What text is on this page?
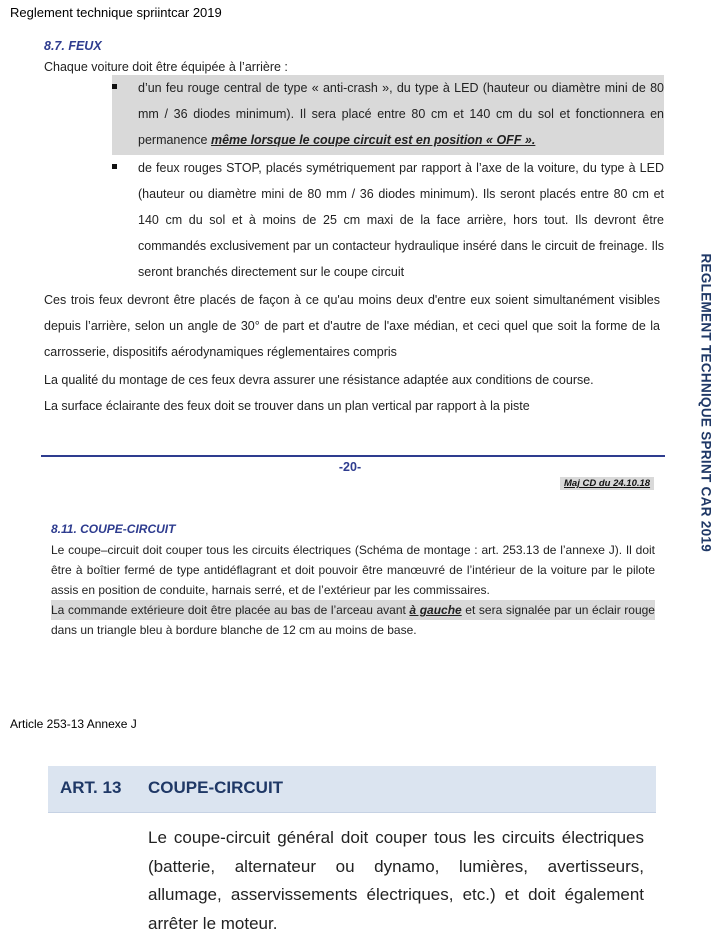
Reglement technique spriintcar 2019
REGLEMENT TECHNIQUE SPRINT CAR 2019
8.7. FEUX
Chaque voiture doit être équipée à l’arrière :
d’un feu rouge central de type « anti-crash », du type à LED (hauteur ou diamètre mini de 80 mm / 36 diodes minimum). Il sera placé entre 80 cm et 140 cm du sol et fonctionnera en permanence même lorsque le coupe circuit est en position « OFF ».
de feux rouges STOP, placés symétriquement par rapport à l’axe de la voiture, du type à LED (hauteur ou diamètre mini de 80 mm / 36 diodes minimum). Ils seront placés entre 80 cm et 140 cm du sol et à moins de 25 cm maxi de la face arrière, hors tout. Ils devront être commandés exclusivement par un contacteur hydraulique inséré dans le circuit de freinage. Ils seront branchés directement sur le coupe circuit
Ces trois feux devront être placés de façon à ce qu'au moins deux d'entre eux soient simultanément visibles depuis l’arrière, selon un angle de 30° de part et d'autre de l'axe médian, et ceci quel que soit la forme de la carrosserie, dispositifs aérodynamiques réglementaires compris
La qualité du montage de ces feux devra assurer une résistance adaptée aux conditions de course.
La surface éclairante des feux doit se trouver dans un plan vertical par rapport à la piste
-20-
Maj CD du 24.10.18
8.11. COUPE-CIRCUIT
Le coupe–circuit doit couper tous les circuits électriques (Schéma de montage : art. 253.13 de l’annexe J). Il doit être à boîtier fermé de type antidéflagrant et doit pouvoir être manœuvré de l’intérieur de la voiture par le pilote assis en position de conduite, harnais serré, et de l’extérieur par les commissaires.
La commande extérieure doit être placée au bas de l’arceau avant à gauche et sera signalée par un éclair rouge dans un triangle bleu à bordure blanche de 12 cm au moins de base.
Article 253-13 Annexe J
ART. 13 COUPE-CIRCUIT
Le coupe-circuit général doit couper tous les circuits électriques (batterie, alternateur ou dynamo, lumières, avertisseurs, allumage, asservissements électriques, etc.) et doit également arrêter le moteur.
